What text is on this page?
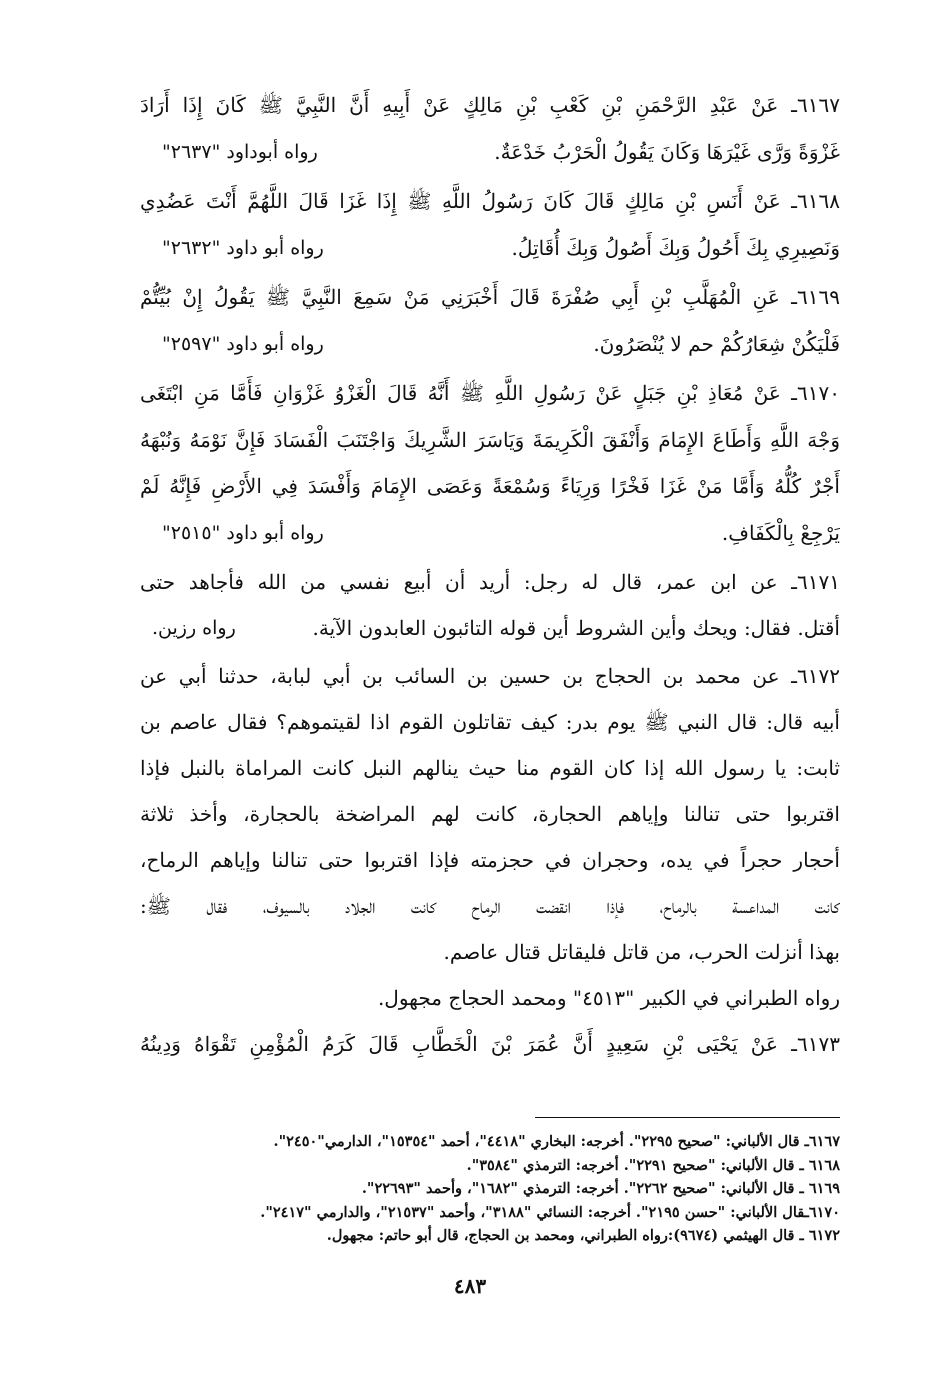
٦١٦٧ـ عَنْ عَبْدِ الرَّحْمَنِ بْنِ كَعْبِ بْنِ مَالِكٍ عَنْ أَبِيهِ أَنَّ النَّبِيَّ ﷺ كَانَ إِذَا أَرَادَ
رواه أبوداود "٢٦٣٧"	غَزْوَةً وَرَّى غَيْرَهَا وَكَانَ يَقُولُ الْحَرْبُ خَدْعَةٌ.
٦١٦٨ـ عَنْ أَنَسِ بْنِ مَالِكٍ قَالَ كَانَ رَسُولُ اللَّهِ ﷺ إِذَا غَزَا قَالَ اللَّهُمَّ أَنْتَ عَضُدِي
رواه أبو داود "٢٦٣٢"	وَنَصِيرِي بِكَ أَحُولُ وَبِكَ أَصُولُ وَبِكَ أُقَاتِلُ.
٦١٦٩ـ عَنِ الْمُهَلَّبِ بْنِ أَبِي صُفْرَةَ قَالَ أَخْبَرَنِي مَنْ سَمِعَ النَّبِيَّ ﷺ يَقُولُ إِنْ بُيِّتُّمْ
رواه أبو داود "٢٥٩٧"	فَلْيَكُنْ شِعَارُكُمْ حم لا يُنْصَرُونَ.
٦١٧٠ـ عَنْ مُعَاذِ بْنِ جَبَلٍ عَنْ رَسُولِ اللَّهِ ﷺ أَنَّهُ قَالَ الْغَزْوُ غَزْوَانِ فَأَمَّا مَنِ ابْتَغَى
وَجْهَ اللَّهِ وَأَطَاعَ الإِمَامَ وَأَنْفَقَ الْكَرِيمَةَ وَيَاسَرَ الشَّرِيكَ وَاجْتَنَبَ الْفَسَادَ فَإِنَّ نَوْمَهُ وَنُبْهَهُ
أَجْرٌ كُلُّهُ وَأَمَّا مَنْ غَزَا فَخْرًا وَرِيَاءً وَسُمْعَةً وَعَصَى الإِمَامَ وَأَفْسَدَ فِي الأَرْضِ فَإِنَّهُ لَمْ
رواه أبو داود "٢٥١٥"	يَرْجِعْ بِالْكَفَافِ.
٦١٧١ـ عن ابن عمر، قال له رجل: أريد أن أبيع نفسي من الله فأجاهد حتى
رواه رزين.	أقتل. فقال: ويحك وأين الشروط أين قوله التائبون العابدون الآية.
٦١٧٢ـ عن محمد بن الحجاج بن حسين بن السائب بن أبي لبابة، حدثنا أبي عن
أبيه قال: قال النبي ﷺ يوم بدر: كيف تقاتلون القوم اذا لقيتموهم؟ فقال عاصم بن
ثابت: يا رسول الله إذا كان القوم منا حيث ينالهم النبل كانت المراماة بالنبل فإذا
اقتربوا حتى تنالنا وإياهم الحجارة، كانت لهم المراضخة بالحجارة، وأخذ ثلاثة
أحجار حجراً في يده، وحجران في حجزمته فإذا اقتربوا حتى تنالنا وإياهم الرماح،
كانت المداعسة بالرماح، فإذا انقضت الرماح كانت الجلاد بالسيوف، فقال ﷺ:
بهذا أنزلت الحرب، من قاتل فليقاتل قتال عاصم.
رواه الطبراني في الكبير "٤٥١٣" ومحمد الحجاج مجهول.
٦١٧٣ـ عَنْ يَحْيَى بْنِ سَعِيدٍ أَنَّ عُمَرَ بْنَ الْخَطَّابِ قَالَ كَرَمُ الْمُؤْمِنِ تَقْوَاهُ وَدِينُهُ
٦١٦٧ـ قال الألباني: "صحيح ٢٢٩٥". أخرجه: البخاري "٤٤١٨"، أحمد "١٥٣٥٤"، الدارمي"٢٤٥٠".
٦١٦٨ ـ قال الألباني: "صحيح ٢٢٩١". أخرجه: الترمذي "٣٥٨٤".
٦١٦٩ ـ قال الألباني: "صحيح ٢٢٦٢". أخرجه: الترمذي "١٦٨٢"، وأحمد "٢٢٦٩٣".
٦١٧٠ـقال الألباني: "حسن ٢١٩٥". أخرجه: النسائي "٣١٨٨"، وأحمد "٢١٥٣٧"، والدارمي "٢٤١٧".
٦١٧٢ ـ قال الهيثمي (٩٦٧٤):رواه الطبراني، ومحمد بن الحجاج، قال أبو حاتم: مجهول.
٤٨٣
